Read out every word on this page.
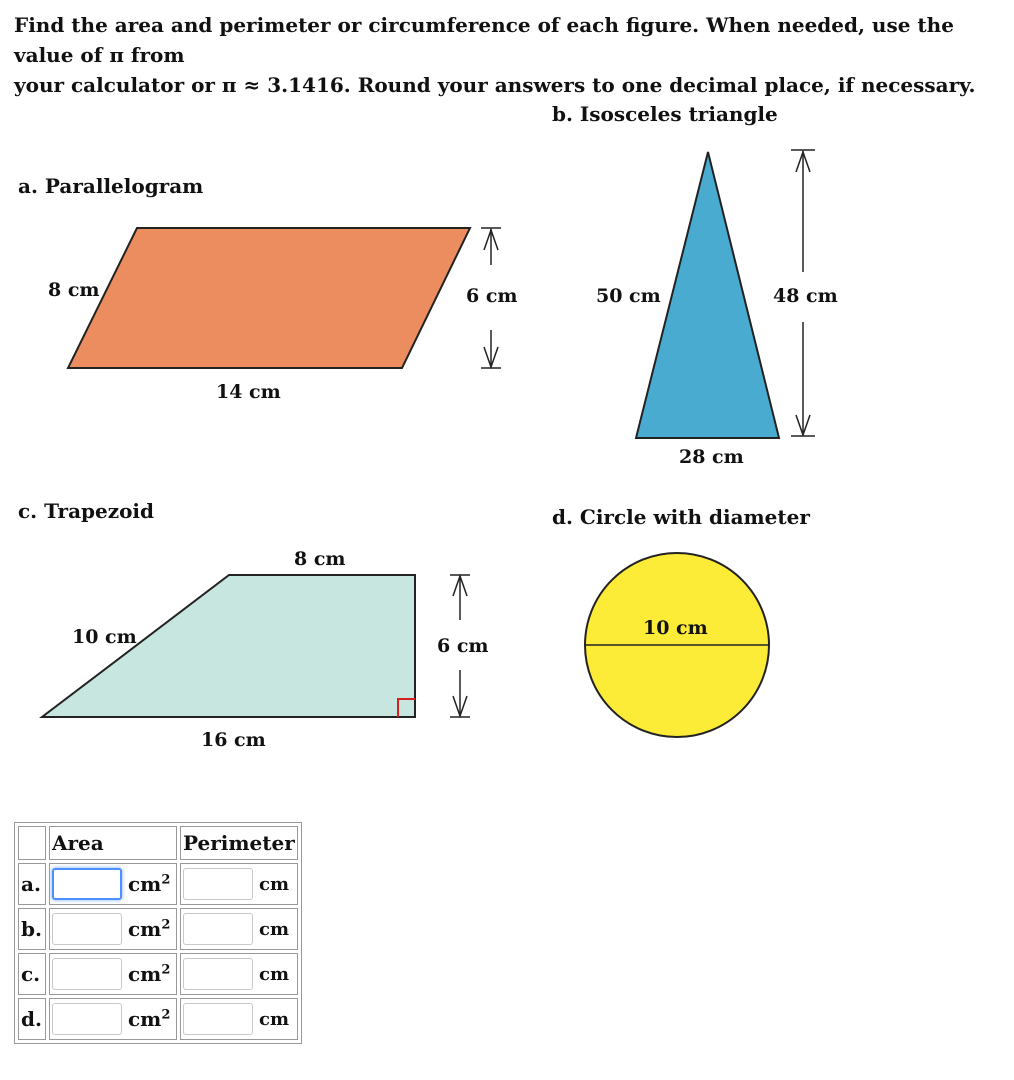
Find the area and perimeter or circumference of each figure. When needed, use the value of π from
your calculator or π ≈ 3.1416. Round your answers to one decimal place, if necessary.
b. Isosceles triangle
a. Parallelogram
c. Trapezoid	d. Circle with diameter
8 cm	6 cm
14 cm
50 cm	48 cm
28 cm
8 cm
10 cm	6 cm
16 cm
10 cm
	Area	Perimeter
a.	$cm^2$	cm
b.	$cm^2$	cm
c.	$cm^2$	cm
d.	$cm^2$	cm
